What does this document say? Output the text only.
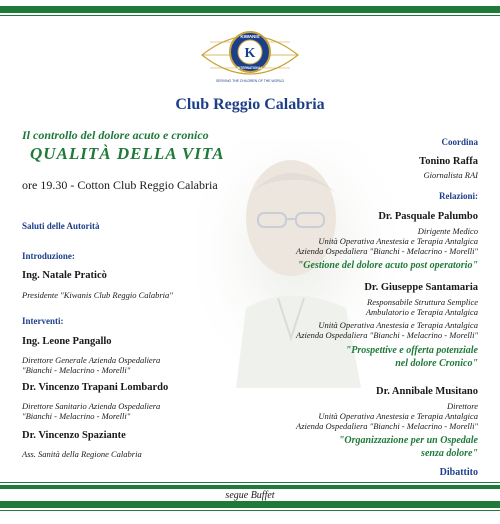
K
KIWANIS
INTERNATIONAL
SERVING THE CHILDREN OF THE WORLD
Club Reggio Calabria
Il controllo del dolore acuto e cronico
QUALITÀ DELLA VITA
ore 19.30 - Cotton Club Reggio Calabria
Saluti delle Autorità
Introduzione:
Ing. Natale Praticò
Presidente "Kiwanis Club Reggio Calabria"
Interventi:
Ing. Leone Pangallo
Direttore Generale Azienda Ospedaliera
"Bianchi - Melacrino - Morelli"
Dr. Vincenzo Trapani Lombardo
Direttore Sanitario Azienda Ospedaliera
"Bianchi - Melacrino - Morelli"
Dr. Vincenzo Spaziante
Ass. Sanità della Regione Calabria
Coordina
Tonino Raffa
Giornalista RAI
Relazioni:
Dr. Pasquale Palumbo
Dirigente Medico
Unità Operativa Anestesia e Terapia Antalgica
Azienda Ospedaliera "Bianchi - Melacrino - Morelli"
"Gestione del dolore acuto post operatorio"
Dr. Giuseppe Santamaria
Responsabile Struttura Semplice
Ambulatorio e Terapia Antalgica
Unità Operativa Anestesia e Terapia Antalgica
Azienda Ospedaliera "Bianchi - Melacrino - Morelli"
"Prospettive e offerta potenziale
nel dolore Cronico"
Dr. Annibale Musitano
Direttore
Unità Operativa Anestesia e Terapia Antalgica
Azienda Ospedaliera "Bianchi - Melacrino - Morelli"
"Organizzazione per un Ospedale
senza dolore"
Dibattito
segue Buffet
